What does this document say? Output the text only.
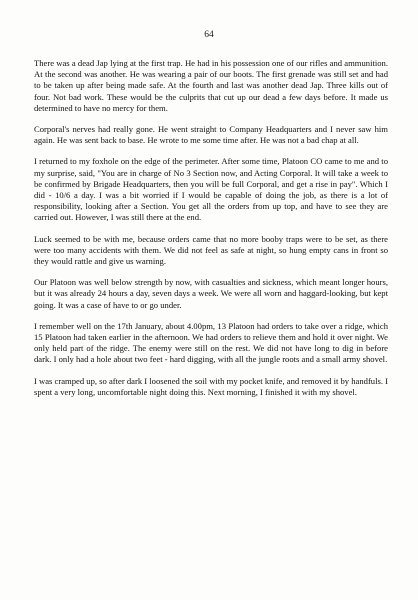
64

There was a dead Jap lying at the first trap. He had in his possession one of our rifles and ammunition. At the second was another. He was wearing a pair of our boots. The first grenade was still set and had to be taken up after being made safe. At the fourth and last was another dead Jap. Three kills out of four. Not bad work. These would be the culprits that cut up our dead a few days before. It made us determined to have no mercy for them.

Corporal's nerves had really gone. He went straight to Company Headquarters and I never saw him again. He was sent back to base. He wrote to me some time after. He was not a bad chap at all.

I returned to my foxhole on the edge of the perimeter. After some time, Platoon CO came to me and to my surprise, said, "You are in charge of No 3 Section now, and Acting Corporal. It will take a week to be confirmed by Brigade Headquarters, then you will be full Corporal, and get a rise in pay". Which I did - 10/6 a day. I was a bit worried if I would be capable of doing the job, as there is a lot of responsibility, looking after a Section. You get all the orders from up top, and have to see they are carried out. However, I was still there at the end.

Luck seemed to be with me, because orders came that no more booby traps were to be set, as there were too many accidents with them. We did not feel as safe at night, so hung empty cans in front so they would rattle and give us warning.

Our Platoon was well below strength by now, with casualties and sickness, which meant longer hours, but it was already 24 hours a day, seven days a week. We were all worn and haggard-looking, but kept going. It was a case of have to or go under.

I remember well on the 17th January, about 4.00pm, 13 Platoon had orders to take over a ridge, which 15 Platoon had taken earlier in the afternoon. We had orders to relieve them and hold it over night. We only held part of the ridge. The enemy were still on the rest. We did not have long to dig in before dark. I only had a hole about two feet - hard digging, with all the jungle roots and a small army shovel.

I was cramped up, so after dark I loosened the soil with my pocket knife, and removed it by handfuls. I spent a very long, uncomfortable night doing this. Next morning, I finished it with my shovel.
